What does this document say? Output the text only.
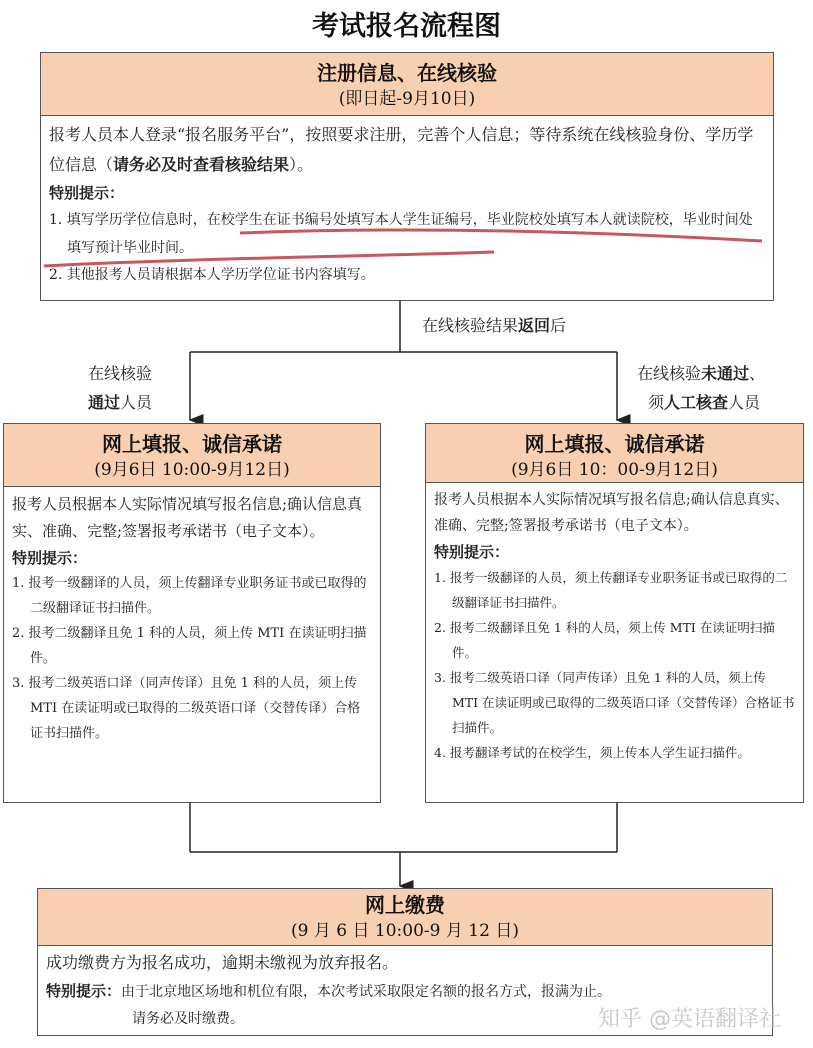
考试报名流程图
注册信息、在线核验
(即日起-9月10日)
报考人员本人登录“报名服务平台”，按照要求注册，完善个人信息；等待系统在线核验身份、学历学位信息（请务必及时查看核验结果）。
特别提示：
1. 填写学历学位信息时，在校学生在证书编号处填写本人学生证编号，毕业院校处填写本人就读院校，毕业时间处填写预计毕业时间。
2. 其他报考人员请根据本人学历学位证书内容填写。
在线核验结果返回后
在线核验
通过人员
在线核验未通过、
须人工核查人员
网上填报、诚信承诺
(9月6日 10:00-9月12日)
报考人员根据本人实际情况填写报名信息;确认信息真实、准确、完整;签署报考承诺书（电子文本）。
特别提示：
1. 报考一级翻译的人员，须上传翻译专业职务证书或已取得的二级翻译证书扫描件。
2. 报考二级翻译且免 1 科的人员，须上传 MTI 在读证明扫描件。
3. 报考二级英语口译（同声传译）且免 1 科的人员，须上传 MTI 在读证明或已取得的二级英语口译（交替传译）合格证书扫描件。
网上填报、诚信承诺
(9月6日 10：00-9月12日)
报考人员根据本人实际情况填写报名信息;确认信息真实、准确、完整;签署报考承诺书（电子文本）。
特别提示：
1. 报考一级翻译的人员，须上传翻译专业职务证书或已取得的二级翻译证书扫描件。
2. 报考二级翻译且免 1 科的人员，须上传 MTI 在读证明扫描件。
3. 报考二级英语口译（同声传译）且免 1 科的人员，须上传 MTI 在读证明或已取得的二级英语口译（交替传译）合格证书扫描件。
4. 报考翻译考试的在校学生，须上传本人学生证扫描件。
网上缴费
(9 月 6 日 10:00-9 月 12 日)
成功缴费方为报名成功，逾期未缴视为放弃报名。
特别提示：由于北京地区场地和机位有限，本次考试采取限定名额的报名方式，报满为止。
请务必及时缴费。	知乎 @英语翻译社
